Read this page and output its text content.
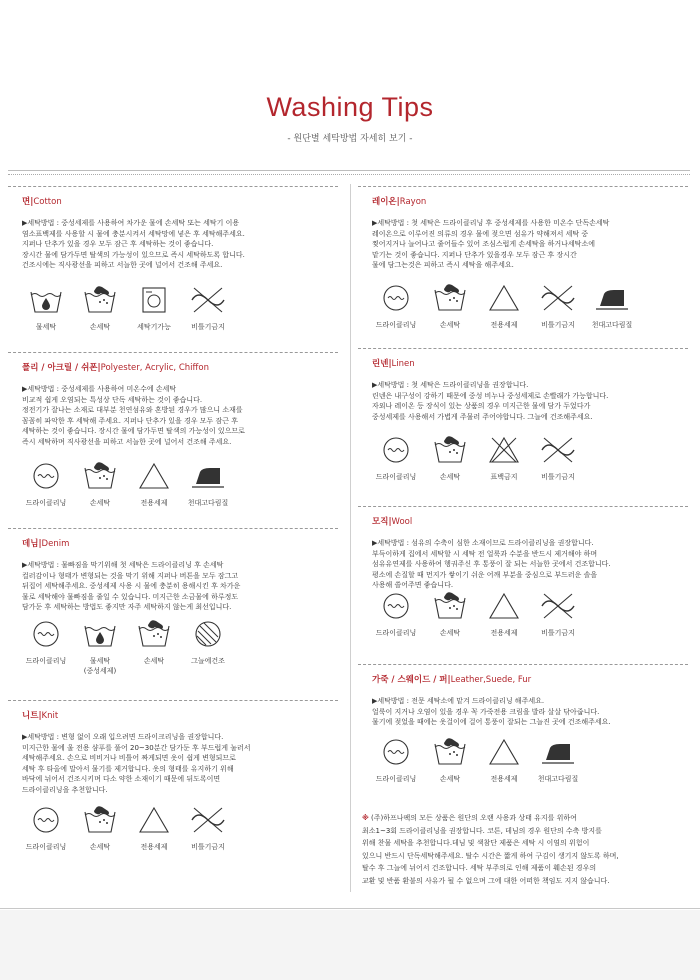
Washing Tips
- 원단별 세탁방법 자세히 보기 -
면|Cotton

▶세탁방법 : 중성세제를 사용하여 차가운 물에 손세탁 또는 세탁기 이용
염소표백제를 사용할 시 물에 충분시켜서 세탁망에 넣은 후 세탁해주세요.
지퍼나 단추가 있을 경우 모두 잠근 후 세탁하는 것이 좋습니다.
장시간 물에 담가두면 탈색의 가능성이 있으므로 즉시 세탁하도록 합니다.
건조시에는 직사광선을 피하고 서늘한 곳에 널어서 건조해 주세요.

물세탁	손세탁	세탁기가능	비틀기금지
폴리 / 아크릴 / 쉬폰|Polyester, Acrylic, Chiffon

▶세탁방법 : 중성세제를 사용하여 미온수에 손세탁
비교적 쉽게 오염되는 특성상 단독 세탁하는 것이 좋습니다.
정전기가 잘나는 소재로 대부분 천연섬유와 혼방된 경우가 많으니 소재를
꼼꼼히 파악한 후 세탁해 주세요. 지퍼나 단추가 있을 경우 모두 잠근 후
세탁하는 것이 좋습니다. 장시간 물에 담가두면 탈색의 가능성이 있으므로
즉시 세탁하며 직사광선을 피하고 서늘한 곳에 널어서 건조해 주세요.

드라이클리닝	손세탁	전용세제	천대고다림질
데님|Denim

▶세탁방법 : 물빠짐을 막기위해 첫 세탁은 드라이클리닝 후 손세탁
컬러감이나 형태가 변형되는 것을 막기 위해 지퍼나 버튼을 모두 잠그고
뒤집어 세탁해주세요. 중성세제 사용 시 물에 충분히 용해시킨 후 차가운
물로 세탁해야 물빠짐을 줄일 수 있습니다. 미지근한 소금물에 하루정도
담가둔 후 세탁하는 방법도 좋지만 자주 세탁하지 않는게 최선입니다.

드라이클리닝	물세탁
(중성세제)
손세탁	그늘에건조
니트|Knit

▶세탁방법 : 변형 없이 오래 입으려면 드라이크리닝을 권장합니다.
미지근한 물에 울 전용 샴푸를 풀어 20~30분간 담가둔 후 부드럽게 눌러서
세탁해주세요. 손으로 비비거나 비틀어 짜게되면 옷이 쉽게 변형되므로
세탁 후 타올에 말아서 물기를 제거합니다. 옷의 형태를 유지하기 위해
바닥에 뉘어서 건조시키며 다소 약한 소재이기 때문에 뒤도록이면
드라이클리닝을 추천합니다.

드라이클리닝	손세탁	전용세제	비틀기금지
레이온|Rayon

▶세탁방법 : 첫 세탁은 드라이클리닝 후 중성세제를 사용한 미온수 단독손세탁
레이온으로 이루어진 의류의 경우 물에 젖으면 섬유가 약해져서 세탁 중
찢어지거나 늘어나고 줄어들수 있어 조심스럽게 손세탁을 하거나세탁소에
맡기는 것이 좋습니다. 지퍼나 단추가 있을경우 모두 잠근 후 장시간
물에 담그는것은 피하고 즉시 세탁을 해주세요.

드라이클리닝	손세탁	전용세제	비틀기금지	천대고다림질
린넨|Linen

▶세탁방법 : 첫 세탁은 드라이클리닝을 권장합니다.
린넨은 내구성이 강하기 때문에 중성 비누나 중성세제로 손빨래가 가능합니다.
자외나 레이온 등 장식이 있는 상품의 경우 미지근한 물에 담가 두었다가
중성세제를 사용해서 가볍게 주물러 주어야합니다. 그늘에 건조해주세요.

드라이클리닝	손세탁	표백금지	비틀기금지
모직|Wool

▶세탁방법 : 섬유의 수축이 심한 소재이므로 드라이클리닝을 권장합니다.
부득이하게 집에서 세탁할 시 세탁 전 얼룩과 수분을 반드시 제거해야 하며
섬유유연제를 사용하여 헹궈주신 후 통풍이 잘 되는 서늘한 곳에서 건조합니다.
평소에 손질할 때 먼지가 쌓이기 쉬운 어깨 부분을 중심으로 부드러운 솔을
사용해 쓸어주면 좋습니다.

드라이클리닝	손세탁	전용세제	비틀기금지
가죽 / 스웨이드 / 퍼|Leather,Suede, Fur

▶세탁방법 : 전문 세탁소에 맡겨 드라이클리닝 해주세요.
얼룩이 지거나 오염이 있을 경우 꼭 가죽전용 크림을 발라 살살 닦아줍니다.
물기에 젖었을 때에는 옷걸이에 걸어 통풍이 잘되는 그늘진 곳에 건조해주세요.

드라이클리닝	손세탁	전용세제	천대고다림질
※ (주)하프나팩의 모든 상품은 원단의 오랜 사용과 상태 유지를 위하여
최소1~3회 드라이클리닝을 권장합니다. 코튼, 데님의 경우 원단의 수축 방지를
위해 찬물 세탁을 추천합니다.데님 및 색참단 제품은 세탁 시 이염의 위험이
있으니 반드시 단독세탁해주세요. 탈수 시간은 짧게 하여 구김이 생기지 않도록 하며,
탈수 후 그늘에 뉘어서 건조합니다. 세탁 부주의로 인해 제품이 훼손된 경우의
교환 및 반품 환불의 사유가 될 수 없으며 그에 대한 어떠한 책임도 지지 않습니다.
